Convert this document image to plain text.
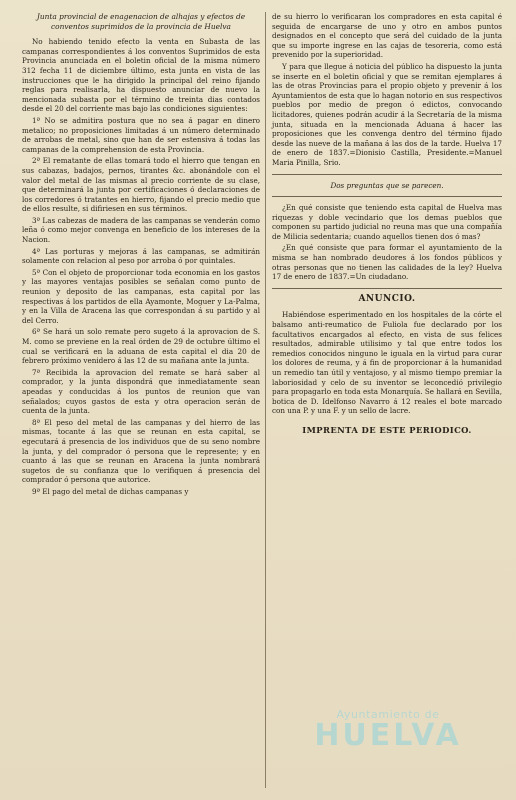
Junta provincial de enagenacion de alhajas y efectos de conventos suprimidos de la provincia de Huelva

No habiendo tenido efecto la venta en Subasta de las campanas correspondientes á los conventos Suprimidos de esta Provincia anunciada en el boletin oficial de la misma número 312 fecha 11 de diciembre último, esta junta en vista de las instrucciones que le ha dirigido la principal del reino fijando reglas para realisarla, ha dispuesto anunciar de nuevo la mencionada subasta por el término de treinta dias contados desde el 20 del corriente mas bajo las condiciones siguientes:

1ª No se admitira postura que no sea á pagar en dinero metalico; no proposiciones limitadas á un número determinado de arrobas de metal, sino que han de ser estensiva á todas las campanas de la comprehension de esta Provincia.

2ª El rematante de ellas tomará todo el hierro que tengan en sus cabazas, badajos, pernos, tirantes &c. abonándole con el valor del metal de las mismas al precio corriente de su clase, que determinará la junta por certificaciones ó declaraciones de los corredores ó tratantes en hierro, fijando el precio medio que de ellos resulte, si difiriesen en sus términos.

3ª Las cabezas de madera de las campanas se venderán como leña ó como mejor convenga en beneficio de los intereses de la Nacion.

4ª Las porturas y mejoras á las campanas, se admitirán solamente con relacion al peso por arroba ó por quintales.

5ª Con el objeto de proporcionar toda economia en los gastos y las mayores ventajas posibles se señalan como punto de reunion y deposito de las campanas, esta capital por las respectivas á los partidos de ella Ayamonte, Moguer y La-Palma, y en la Villa de Aracena las que correspondan á su partido y al del Cerro.

6ª Se hará un solo remate pero sugeto á la aprovacion de S. M. como se previene en la real órden de 29 de octubre último el cual se verificará en la aduana de esta capital el dia 20 de febrero próximo venidero á las 12 de su mañana ante la junta.

7ª Recibida la aprovacion del remate se hará saber al comprador, y la junta dispondrá que inmediatamente sean apeadas y conducidas á los puntos de reunion que van señalados; cuyos gastos de esta y otra operacion serán de cuenta de la junta.

8ª El peso del metal de las campanas y del hierro de las mismas, tocante á las que se reunan en esta capital, se egecutará á presencia de los individuos que de su seno nombre la junta, y del comprador ó persona que le represente; y en cuanto á las que se reunan en Aracena la junta nombrará sugetos de su confianza que lo verifiquen á presencia del comprador ó persona que autorice.

9ª El pago del metal de dichas campanas y

de su hierro lo verificaran los compradores en esta capital é seguida de encargarse de uno y otro en ambos puntos designados en el concepto que será del cuidado de la junta que su importe ingrese en las cajas de tesoreria, como está prevenido por la superioridad.

Y para que llegue á noticia del público ha dispuesto la junta se inserte en el boletin oficial y que se remitan ejemplares á las de otras Provincias para el propio objeto y prevenir á los Ayuntamientos de esta que lo hagan notorio en sus respectivos pueblos por medio de pregon ó edictos, convocando licitadores, quienes podrán acudir á la Secretaría de la misma junta, situada en la mencionada Aduana á hacer las proposiciones que les convenga dentro del término fijado desde las nueve de la mañana á las dos de la tarde. Huelva 17 de enero de 1837.=Dionisio Castilla, Presidente.=Manuel Maria Pinilla, Srio.

Dos preguntas que se parecen.

¿En qué consiste que teniendo esta capital de Huelva mas riquezas y doble vecindario que los demas pueblos que componen su partido judicial no reuna mas que una compañía de Milicia sedentaria; cuando aquellos tienen dos ó mas?

¿En qué consiste que para formar el ayuntamiento de la misma se han nombrado deudores á los fondos públicos y otras personas que no tienen las calidades de la ley? Huelva 17 de enero de 1837.=Un ciudadano.

ANUNCIO.

Habiéndose esperimentado en los hospitales de la córte el balsamo anti-reumatico de Fuliola fue declarado por los facultativos encargados al efecto, en vista de sus felices resultados, admirable utilisimo y tal que entre todos los remedios conocidos ninguno le iguala en la virtud para curar los dolores de reuma, y á fin de proporcionar á la humanidad un remedio tan útil y ventajoso, y al mismo tiempo premiar la laboriosidad y celo de su inventor se leconcedió privilegio para propagarlo en toda esta Monarquía. Se hallará en Sevilla, botica de D. Idelfonso Navarro á 12 reales el bote marcado con una P. y una F. y un sello de lacre.

IMPRENTA DE ESTE PERIODICO.
Ayuntamiento de
HUELVA
